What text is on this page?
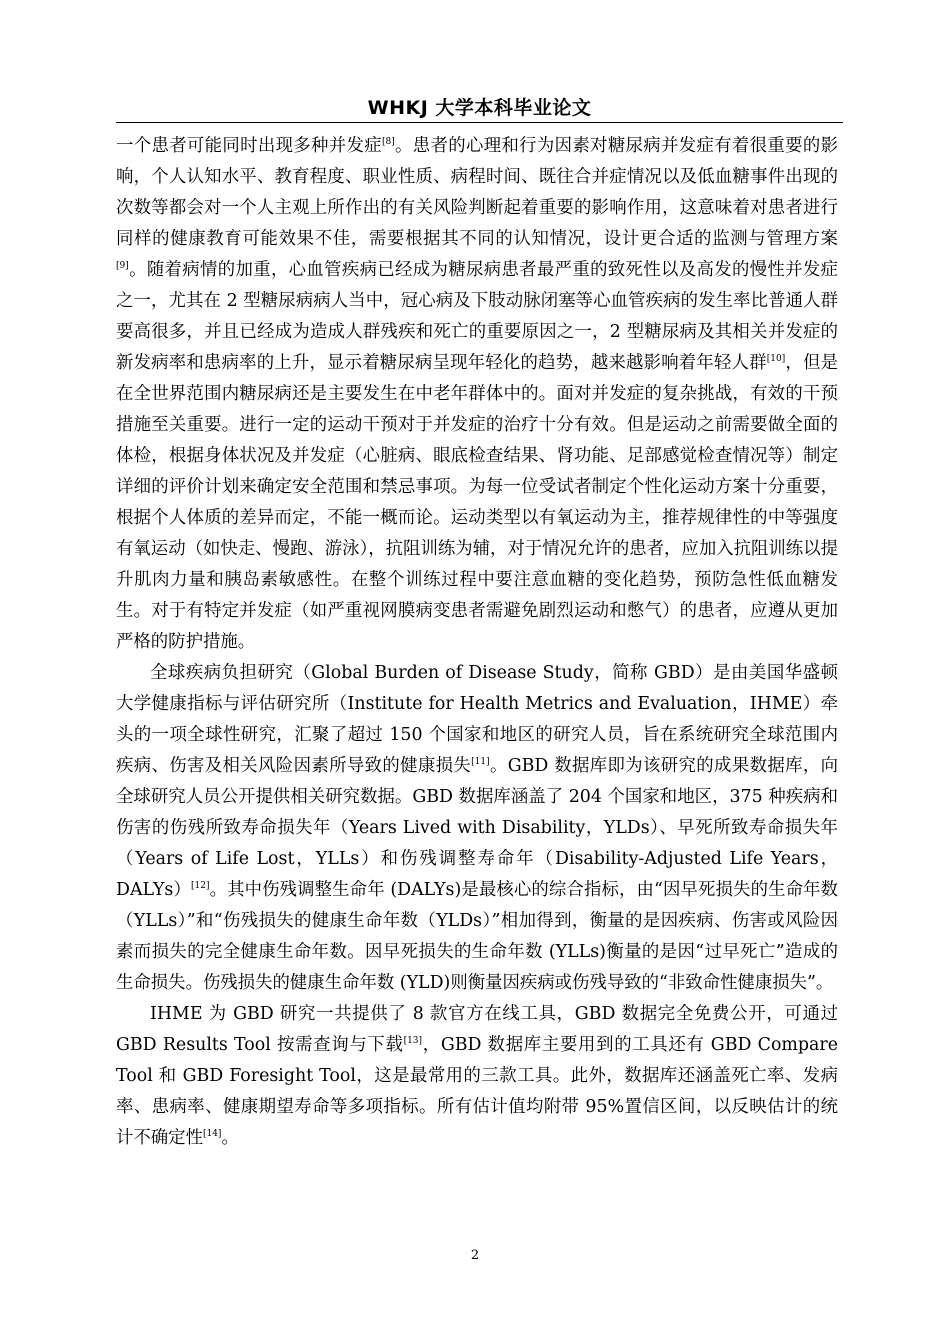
WHKJ 大学本科毕业论文

一个患者可能同时出现多种并发症[8]。患者的心理和行为因素对糖尿病并发症有着很重要的影响，个人认知水平、教育程度、职业性质、病程时间、既往合并症情况以及低血糖事件出现的次数等都会对一个人主观上所作出的有关风险判断起着重要的影响作用，这意味着对患者进行同样的健康教育可能效果不佳，需要根据其不同的认知情况，设计更合适的监测与管理方案[9]。随着病情的加重，心血管疾病已经成为糖尿病患者最严重的致死性以及高发的慢性并发症之一，尤其在 2 型糖尿病病人当中，冠心病及下肢动脉闭塞等心血管疾病的发生率比普通人群要高很多，并且已经成为造成人群残疾和死亡的重要原因之一，2 型糖尿病及其相关并发症的新发病率和患病率的上升，显示着糖尿病呈现年轻化的趋势，越来越影响着年轻人群[10]，但是在全世界范围内糖尿病还是主要发生在中老年群体中的。面对并发症的复杂挑战，有效的干预措施至关重要。进行一定的运动干预对于并发症的治疗十分有效。但是运动之前需要做全面的体检，根据身体状况及并发症（心脏病、眼底检查结果、肾功能、足部感觉检查情况等）制定详细的评价计划来确定安全范围和禁忌事项。为每一位受试者制定个性化运动方案十分重要，根据个人体质的差异而定，不能一概而论。运动类型以有氧运动为主，推荐规律性的中等强度有氧运动（如快走、慢跑、游泳），抗阻训练为辅，对于情况允许的患者，应加入抗阻训练以提升肌肉力量和胰岛素敏感性。在整个训练过程中要注意血糖的变化趋势，预防急性低血糖发生。对于有特定并发症（如严重视网膜病变患者需避免剧烈运动和憋气）的患者，应遵从更加严格的防护措施。

全球疾病负担研究（Global Burden of Disease Study，简称 GBD）是由美国华盛顿大学健康指标与评估研究所（Institute for Health Metrics and Evaluation，IHME）牵头的一项全球性研究，汇聚了超过 150 个国家和地区的研究人员，旨在系统研究全球范围内疾病、伤害及相关风险因素所导致的健康损失[11]。GBD 数据库即为该研究的成果数据库，向全球研究人员公开提供相关研究数据。GBD 数据库涵盖了 204 个国家和地区，375 种疾病和伤害的伤残所致寿命损失年（Years Lived with Disability，YLDs）、早死所致寿命损失年（Years of Life Lost，YLLs）和伤残调整寿命年（Disability-Adjusted Life Years，DALYs）[12]。其中伤残调整生命年 (DALYs)是最核心的综合指标，由“因早死损失的生命年数（YLLs）”和“伤残损失的健康生命年数（YLDs）”相加得到，衡量的是因疾病、伤害或风险因素而损失的完全健康生命年数。因早死损失的生命年数 (YLLs)衡量的是因“过早死亡”造成的生命损失。伤残损失的健康生命年数 (YLD)则衡量因疾病或伤残导致的“非致命性健康损失”。

IHME 为 GBD 研究一共提供了 8 款官方在线工具，GBD 数据完全免费公开，可通过 GBD Results Tool 按需查询与下载[13]，GBD 数据库主要用到的工具还有 GBD Compare Tool 和 GBD Foresight Tool，这是最常用的三款工具。此外，数据库还涵盖死亡率、发病率、患病率、健康期望寿命等多项指标。所有估计值均附带 95%置信区间，以反映估计的统计不确定性[14]。

2
